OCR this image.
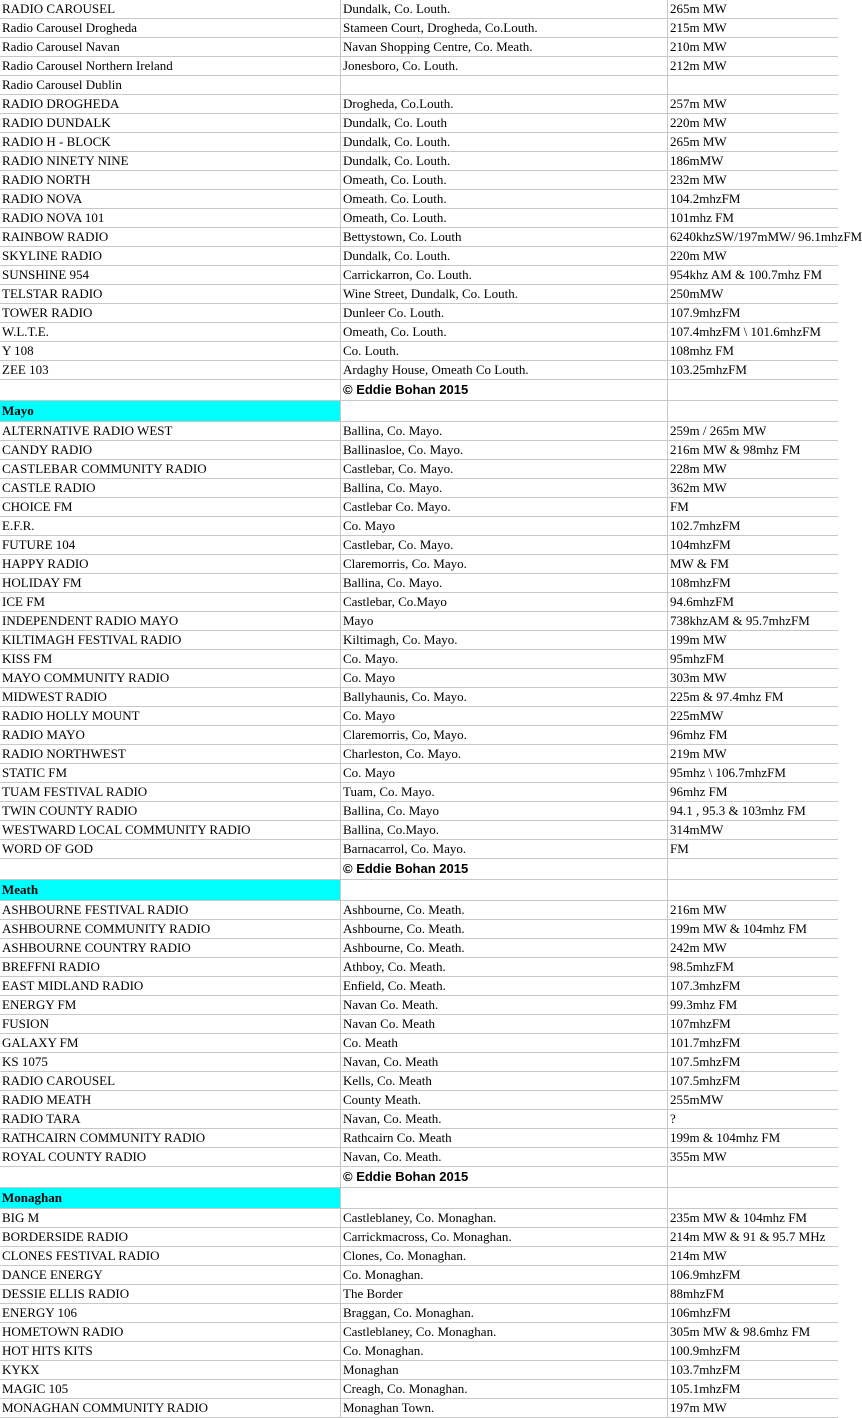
RADIO CAROUSEL	Dundalk, Co. Louth.	265m MW
Radio Carousel Drogheda	Stameen Court, Drogheda, Co.Louth.	215m MW
Radio Carousel Navan	Navan Shopping Centre, Co. Meath.	210m MW
Radio Carousel Northern Ireland	Jonesboro, Co. Louth.	212m MW
Radio Carousel Dublin
RADIO DROGHEDA	Drogheda, Co.Louth.	257m MW
RADIO DUNDALK	Dundalk, Co. Louth	220m MW
RADIO H - BLOCK	Dundalk, Co. Louth.	265m MW
RADIO NINETY NINE	Dundalk, Co. Louth.	186mMW
RADIO NORTH	Omeath, Co. Louth.	232m MW
RADIO NOVA	Omeath. Co. Louth.	104.2mhzFM
RADIO NOVA 101	Omeath, Co. Louth.	101mhz FM
RAINBOW RADIO	Bettystown, Co. Louth	6240khzSW/197mMW/ 96.1mhzFM
SKYLINE RADIO	Dundalk, Co. Louth.	220m MW
SUNSHINE 954	Carrickarron, Co. Louth.	954khz AM & 100.7mhz FM
TELSTAR RADIO	Wine Street, Dundalk, Co. Louth.	250mMW
TOWER RADIO	Dunleer Co. Louth.	107.9mhzFM
W.L.T.E.	Omeath, Co. Louth.	107.4mhzFM \ 101.6mhzFM
Y 108	Co. Louth.	108mhz FM
ZEE 103	Ardaghy House, Omeath Co Louth.	103.25mhzFM
© Eddie Bohan 2015
Mayo
ALTERNATIVE RADIO WEST	Ballina, Co. Mayo.	259m / 265m MW
CANDY RADIO	Ballinasloe, Co. Mayo.	216m MW & 98mhz FM
CASTLEBAR COMMUNITY RADIO	Castlebar, Co. Mayo.	228m MW
CASTLE RADIO	Ballina, Co. Mayo.	362m MW
CHOICE FM	Castlebar Co. Mayo.	FM
E.F.R.	Co. Mayo	102.7mhzFM
FUTURE 104	Castlebar, Co. Mayo.	104mhzFM
HAPPY RADIO	Claremorris, Co. Mayo.	MW & FM
HOLIDAY FM	Ballina, Co. Mayo.	108mhzFM
ICE FM	Castlebar, Co.Mayo	94.6mhzFM
INDEPENDENT RADIO MAYO	Mayo	738khzAM & 95.7mhzFM
KILTIMAGH FESTIVAL RADIO	Kiltimagh, Co. Mayo.	199m MW
KISS FM	Co. Mayo.	95mhzFM
MAYO COMMUNITY RADIO	Co. Mayo	303m MW
MIDWEST RADIO	Ballyhaunis, Co. Mayo.	225m & 97.4mhz FM
RADIO HOLLY MOUNT	Co. Mayo	225mMW
RADIO MAYO	Claremorris, Co, Mayo.	96mhz FM
RADIO NORTHWEST	Charleston, Co. Mayo.	219m MW
STATIC FM	Co. Mayo	95mhz \ 106.7mhzFM
TUAM FESTIVAL RADIO	Tuam, Co. Mayo.	96mhz FM
TWIN COUNTY RADIO	Ballina, Co. Mayo	94.1 , 95.3 & 103mhz FM
WESTWARD LOCAL COMMUNITY RADIO	Ballina, Co.Mayo.	314mMW
WORD OF GOD	Barnacarrol, Co. Mayo.	FM
© Eddie Bohan 2015
Meath
ASHBOURNE FESTIVAL RADIO	Ashbourne, Co. Meath.	216m MW
ASHBOURNE COMMUNITY RADIO	Ashbourne, Co. Meath.	199m MW & 104mhz FM
ASHBOURNE COUNTRY RADIO	Ashbourne, Co. Meath.	242m MW
BREFFNI RADIO	Athboy, Co. Meath.	98.5mhzFM
EAST MIDLAND RADIO	Enfield, Co. Meath.	107.3mhzFM
ENERGY FM	Navan Co. Meath.	99.3mhz FM
FUSION	Navan Co. Meath	107mhzFM
GALAXY FM	Co. Meath	101.7mhzFM
KS 1075	Navan, Co. Meath	107.5mhzFM
RADIO CAROUSEL	Kells, Co. Meath	107.5mhzFM
RADIO MEATH	County Meath.	255mMW
RADIO TARA	Navan, Co. Meath.	?
RATHCAIRN COMMUNITY RADIO	Rathcairn Co. Meath	199m & 104mhz FM
ROYAL COUNTY RADIO	Navan, Co. Meath.	355m MW
© Eddie Bohan 2015
Monaghan
BIG M	Castleblaney, Co. Monaghan.	235m MW & 104mhz FM
BORDERSIDE RADIO	Carrickmacross, Co. Monaghan.	214m MW & 91 & 95.7 MHz
CLONES FESTIVAL RADIO	Clones, Co. Monaghan.	214m MW
DANCE ENERGY	Co. Monaghan.	106.9mhzFM
DESSIE ELLIS RADIO	The Border	88mhzFM
ENERGY 106	Braggan, Co. Monaghan.	106mhzFM
HOMETOWN RADIO	Castleblaney, Co. Monaghan.	305m MW & 98.6mhz FM
HOT HITS KITS	Co. Monaghan.	100.9mhzFM
KYKX	Monaghan	103.7mhzFM
MAGIC 105	Creagh, Co. Monaghan.	105.1mhzFM
MONAGHAN COMMUNITY RADIO	Monaghan Town.	197m MW
